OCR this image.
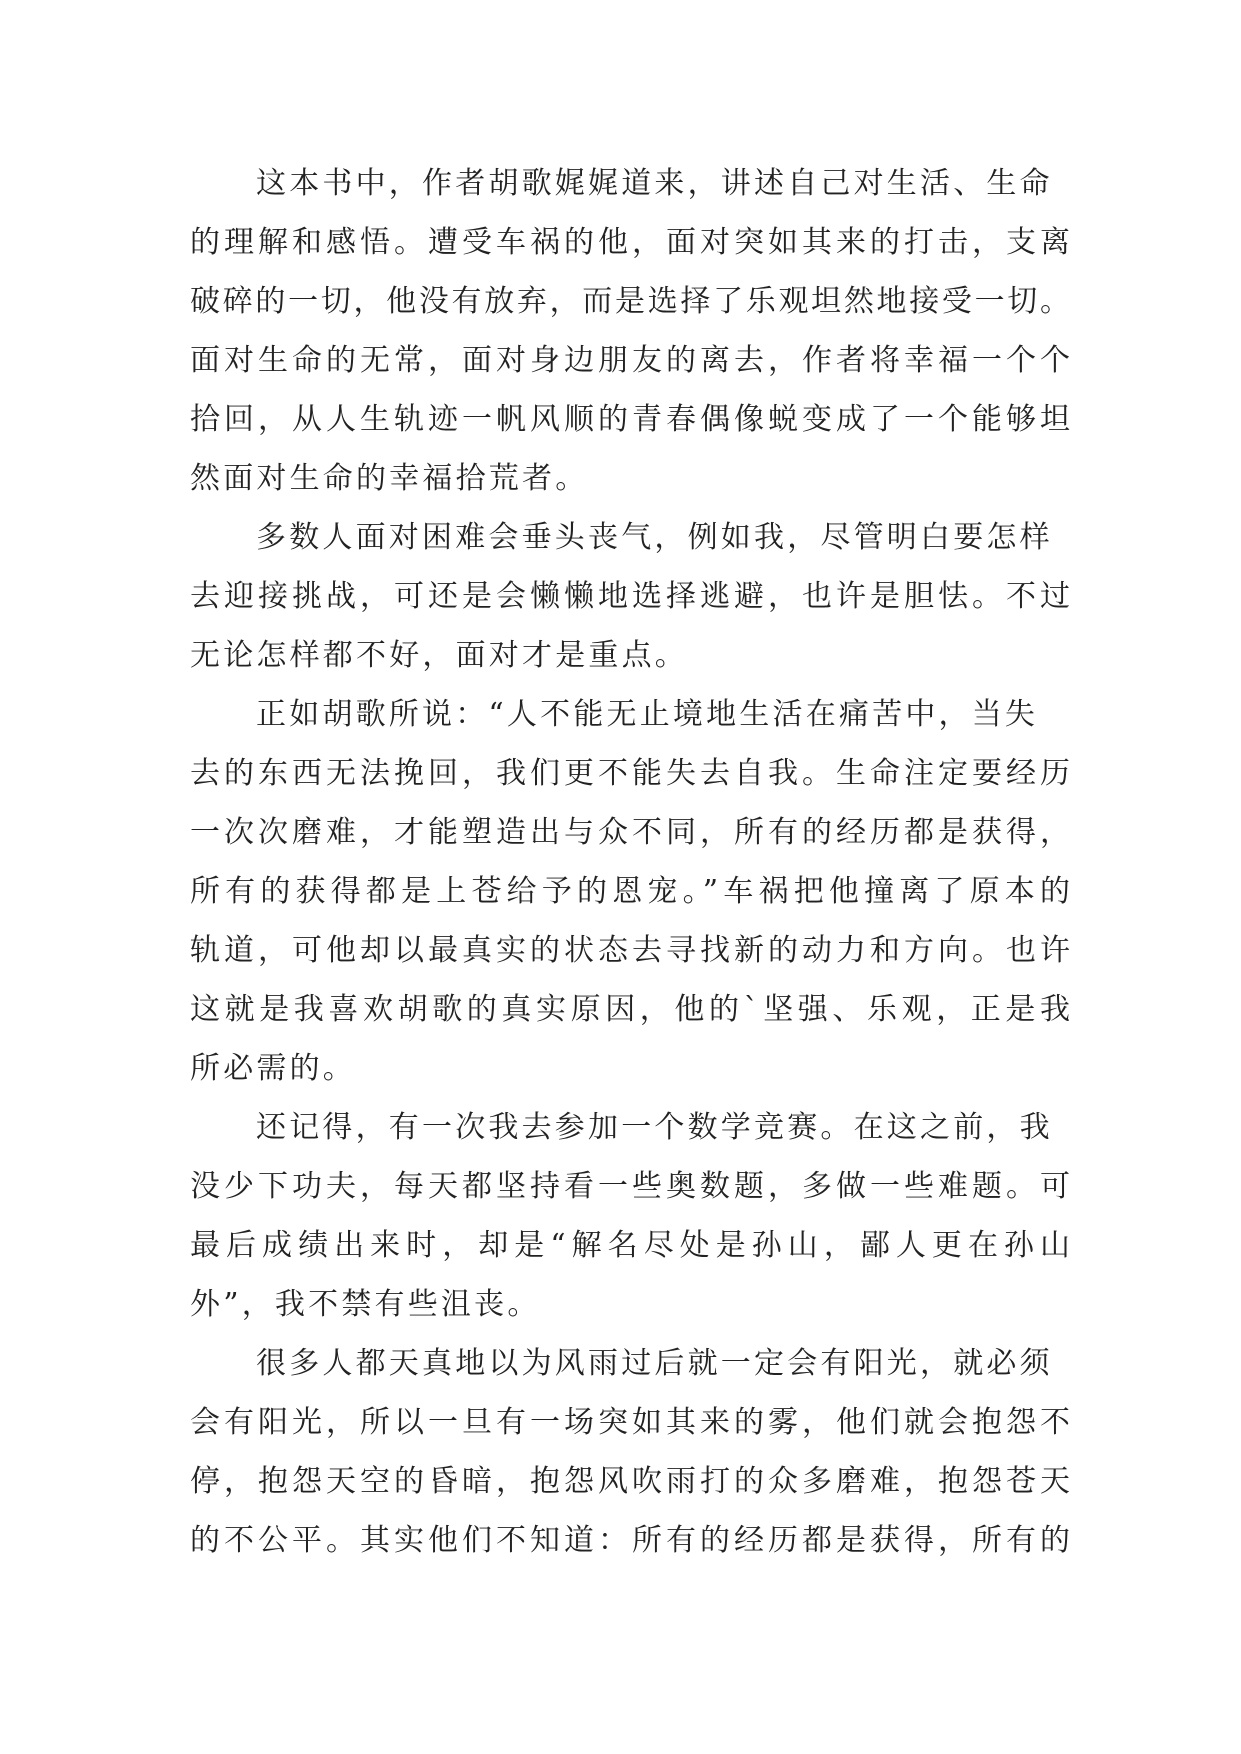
这本书中，作者胡歌娓娓道来，讲述自己对生活、生命
的理解和感悟。遭受车祸的他，面对突如其来的打击，支离
破碎的一切，他没有放弃，而是选择了乐观坦然地接受一切。
面对生命的无常，面对身边朋友的离去，作者将幸福一个个
拾回，从人生轨迹一帆风顺的青春偶像蜕变成了一个能够坦
然面对生命的幸福拾荒者。
多数人面对困难会垂头丧气，例如我，尽管明白要怎样
去迎接挑战，可还是会懒懒地选择逃避，也许是胆怯。不过
无论怎样都不好，面对才是重点。
正如胡歌所说：“人不能无止境地生活在痛苦中，当失
去的东西无法挽回，我们更不能失去自我。生命注定要经历
一次次磨难，才能塑造出与众不同，所有的经历都是获得，
所有的获得都是上苍给予的恩宠。”车祸把他撞离了原本的
轨道，可他却以最真实的状态去寻找新的动力和方向。也许
这就是我喜欢胡歌的真实原因，他的`坚强、乐观，正是我
所必需的。
还记得，有一次我去参加一个数学竞赛。在这之前，我
没少下功夫，每天都坚持看一些奥数题，多做一些难题。可
最后成绩出来时，却是“解名尽处是孙山，鄙人更在孙山
外”，我不禁有些沮丧。
很多人都天真地以为风雨过后就一定会有阳光，就必须
会有阳光，所以一旦有一场突如其来的雾，他们就会抱怨不
停，抱怨天空的昏暗，抱怨风吹雨打的众多磨难，抱怨苍天
的不公平。其实他们不知道：所有的经历都是获得，所有的
